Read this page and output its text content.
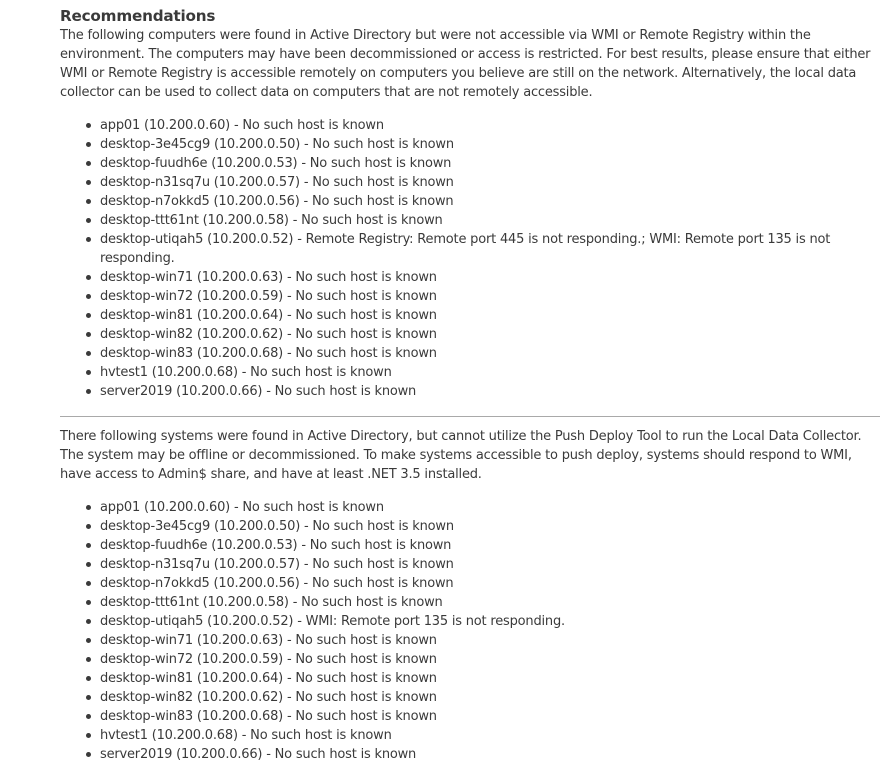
Recommendations

The following computers were found in Active Directory but were not accessible via WMI or Remote Registry within the environment. The computers may have been decommissioned or access is restricted. For best results, please ensure that either WMI or Remote Registry is accessible remotely on computers you believe are still on the network. Alternatively, the local data collector can be used to collect data on computers that are not remotely accessible.

app01 (10.200.0.60) - No such host is known
desktop-3e45cg9 (10.200.0.50) - No such host is known
desktop-fuudh6e (10.200.0.53) - No such host is known
desktop-n31sq7u (10.200.0.57) - No such host is known
desktop-n7okkd5 (10.200.0.56) - No such host is known
desktop-ttt61nt (10.200.0.58) - No such host is known
desktop-utiqah5 (10.200.0.52) - Remote Registry: Remote port 445 is not responding.; WMI: Remote port 135 is not responding.
desktop-win71 (10.200.0.63) - No such host is known
desktop-win72 (10.200.0.59) - No such host is known
desktop-win81 (10.200.0.64) - No such host is known
desktop-win82 (10.200.0.62) - No such host is known
desktop-win83 (10.200.0.68) - No such host is known
hvtest1 (10.200.0.68) - No such host is known
server2019 (10.200.0.66) - No such host is known

There following systems were found in Active Directory, but cannot utilize the Push Deploy Tool to run the Local Data Collector. The system may be offline or decommissioned. To make systems accessible to push deploy, systems should respond to WMI, have access to Admin$ share, and have at least .NET 3.5 installed.

app01 (10.200.0.60) - No such host is known
desktop-3e45cg9 (10.200.0.50) - No such host is known
desktop-fuudh6e (10.200.0.53) - No such host is known
desktop-n31sq7u (10.200.0.57) - No such host is known
desktop-n7okkd5 (10.200.0.56) - No such host is known
desktop-ttt61nt (10.200.0.58) - No such host is known
desktop-utiqah5 (10.200.0.52) - WMI: Remote port 135 is not responding.
desktop-win71 (10.200.0.63) - No such host is known
desktop-win72 (10.200.0.59) - No such host is known
desktop-win81 (10.200.0.64) - No such host is known
desktop-win82 (10.200.0.62) - No such host is known
desktop-win83 (10.200.0.68) - No such host is known
hvtest1 (10.200.0.68) - No such host is known
server2019 (10.200.0.66) - No such host is known
